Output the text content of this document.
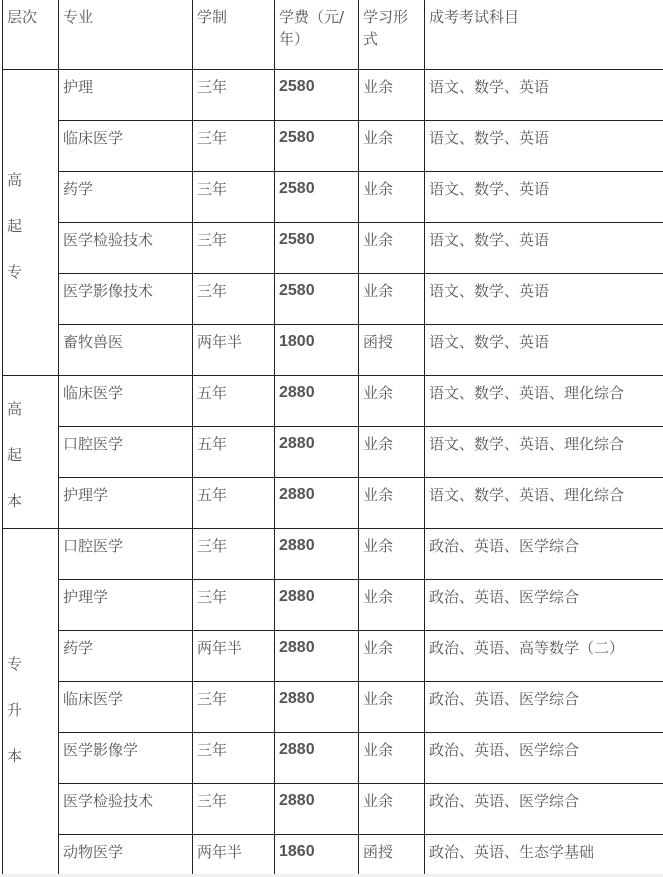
层次	专业	学制	学费（元/年）	学习形式	成考考试科目

高
起
专	护理	三年	2580	业余	语文、数学、英语
	临床医学	三年	2580	业余	语文、数学、英语
	药学	三年	2580	业余	语文、数学、英语
	医学检验技术	三年	2580	业余	语文、数学、英语
	医学影像技术	三年	2580	业余	语文、数学、英语
	畜牧兽医	两年半	1800	函授	语文、数学、英语

高
起
本	临床医学	五年	2880	业余	语文、数学、英语、理化综合
	口腔医学	五年	2880	业余	语文、数学、英语、理化综合
	护理学	五年	2880	业余	语文、数学、英语、理化综合

专
升
本	口腔医学	三年	2880	业余	政治、英语、医学综合
	护理学	三年	2880	业余	政治、英语、医学综合
	药学	两年半	2880	业余	政治、英语、高等数学（二）
	临床医学	三年	2880	业余	政治、英语、医学综合
	医学影像学	三年	2880	业余	政治、英语、医学综合
	医学检验技术	三年	2880	业余	政治、英语、医学综合
	动物医学	两年半	1860	函授	政治、英语、生态学基础
